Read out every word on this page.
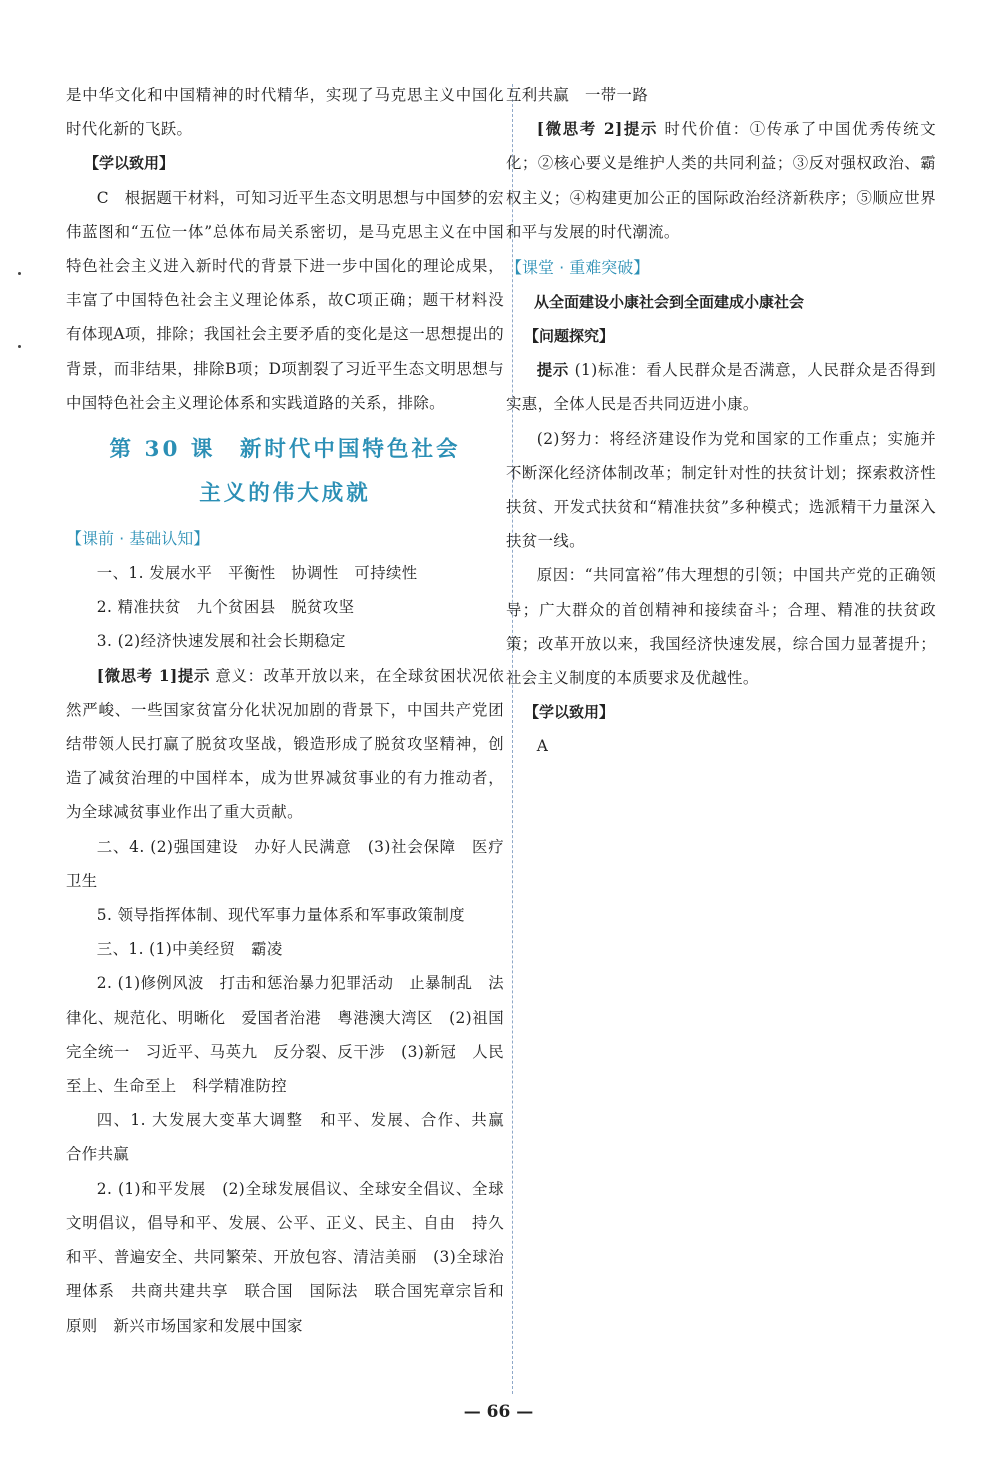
是中华文化和中国精神的时代精华，实现了马克思主义中国化时代化新的飞跃。

【学以致用】

C　根据题干材料，可知习近平生态文明思想与中国梦的宏伟蓝图和“五位一体”总体布局关系密切，是马克思主义在中国特色社会主义进入新时代的背景下进一步中国化的理论成果，丰富了中国特色社会主义理论体系，故C项正确；题干材料没有体现A项，排除；我国社会主要矛盾的变化是这一思想提出的背景，而非结果，排除B项；D项割裂了习近平生态文明思想与中国特色社会主义理论体系和实践道路的关系，排除。

第 30 课　新时代中国特色社会
主义的伟大成就

【课前 · 基础认知】

一、1. 发展水平　平衡性　协调性　可持续性

2. 精准扶贫　九个贫困县　脱贫攻坚

3. (2)经济快速发展和社会长期稳定

[微思考 1]提示 意义：改革开放以来，在全球贫困状况依然严峻、一些国家贫富分化状况加剧的背景下，中国共产党团结带领人民打赢了脱贫攻坚战，锻造形成了脱贫攻坚精神，创造了减贫治理的中国样本，成为世界减贫事业的有力推动者，为全球减贫事业作出了重大贡献。

二、4. (2)强国建设　办好人民满意　(3)社会保障　医疗卫生

5. 领导指挥体制、现代军事力量体系和军事政策制度

三、1. (1)中美经贸　霸凌

2. (1)修例风波　打击和惩治暴力犯罪活动　止暴制乱　法律化、规范化、明晰化　爱国者治港　粤港澳大湾区　(2)祖国完全统一　习近平、马英九　反分裂、反干涉　(3)新冠　人民至上、生命至上　科学精准防控

四、1. 大发展大变革大调整　和平、发展、合作、共赢　合作共赢

2. (1)和平发展　(2)全球发展倡议、全球安全倡议、全球文明倡议，倡导和平、发展、公平、正义、民主、自由　持久和平、普遍安全、共同繁荣、开放包容、清洁美丽　(3)全球治理体系　共商共建共享　联合国　国际法　联合国宪章宗旨和原则　新兴市场国家和发展中国家

互利共赢　一带一路

[微思考 2]提示 时代价值：①传承了中国优秀传统文化；②核心要义是维护人类的共同利益；③反对强权政治、霸权主义；④构建更加公正的国际政治经济新秩序；⑤顺应世界和平与发展的时代潮流。

【课堂 · 重难突破】

从全面建设小康社会到全面建成小康社会

【问题探究】

提示 (1)标准：看人民群众是否满意，人民群众是否得到实惠，全体人民是否共同迈进小康。

(2)努力：将经济建设作为党和国家的工作重点；实施并不断深化经济体制改革；制定针对性的扶贫计划；探索救济性扶贫、开发式扶贫和“精准扶贫”多种模式；选派精干力量深入扶贫一线。

原因：“共同富裕”伟大理想的引领；中国共产党的正确领导；广大群众的首创精神和接续奋斗；合理、精准的扶贫政策；改革开放以来，我国经济快速发展，综合国力显著提升；社会主义制度的本质要求及优越性。

【学以致用】

A

— 66 —
